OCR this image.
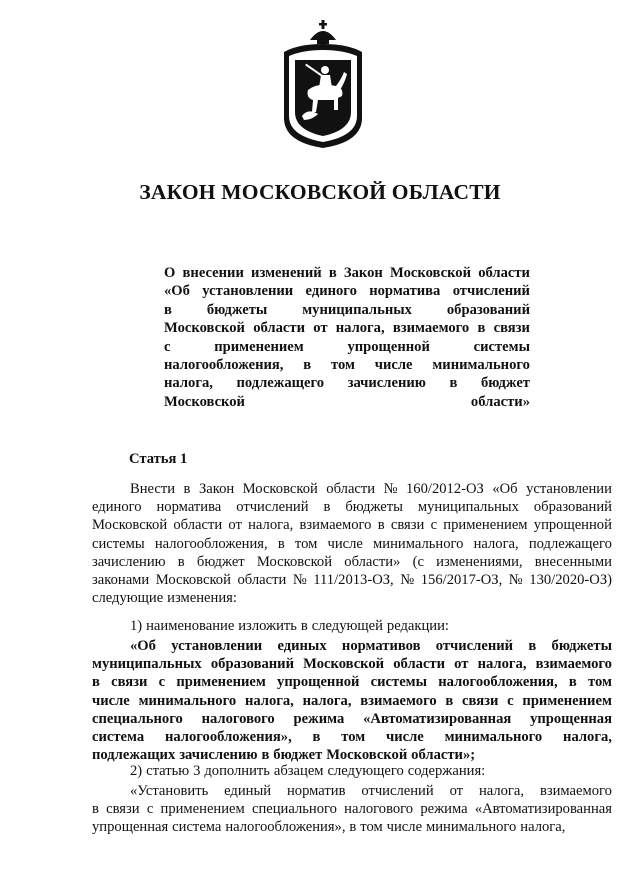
ЗАКОН МОСКОВСКОЙ ОБЛАСТИ
О внесении изменений в Закон Московской области
«Об установлении единого норматива отчислений
в бюджеты муниципальных образований
Московской области от налога, взимаемого в связи
с	применением	упрощенной	системы
налогообложения, в том числе минимального
налога, подлежащего зачислению в бюджет
Московской	области»
Статья 1
Внести в Закон Московской области № 160/2012-ОЗ «Об установлении
единого норматива отчислений в бюджеты муниципальных образований
Московской области от налога, взимаемого в связи с применением упрощенной
системы налогообложения, в том числе минимального налога, подлежащего
зачислению в бюджет Московской области» (с изменениями, внесенными
законами Московской области № 111/2013-ОЗ, № 156/2017-ОЗ, № 130/2020-ОЗ)
следующие изменения:
1) наименование изложить в следующей редакции:
«Об установлении единых нормативов отчислений в бюджеты
муниципальных образований Московской области от налога, взимаемого
в связи с применением упрощенной системы налогообложения, в том
числе минимального налога, налога, взимаемого в связи с применением
специального налогового режима «Автоматизированная упрощенная
система налогообложения», в том числе минимального налога,
подлежащих зачислению в бюджет Московской области»;
2) статью 3 дополнить абзацем следующего содержания:
«Установить единый норматив отчислений от налога, взимаемого
в связи с применением специального налогового режима «Автоматизированная
упрощенная система налогообложения», в том числе минимального налога,
